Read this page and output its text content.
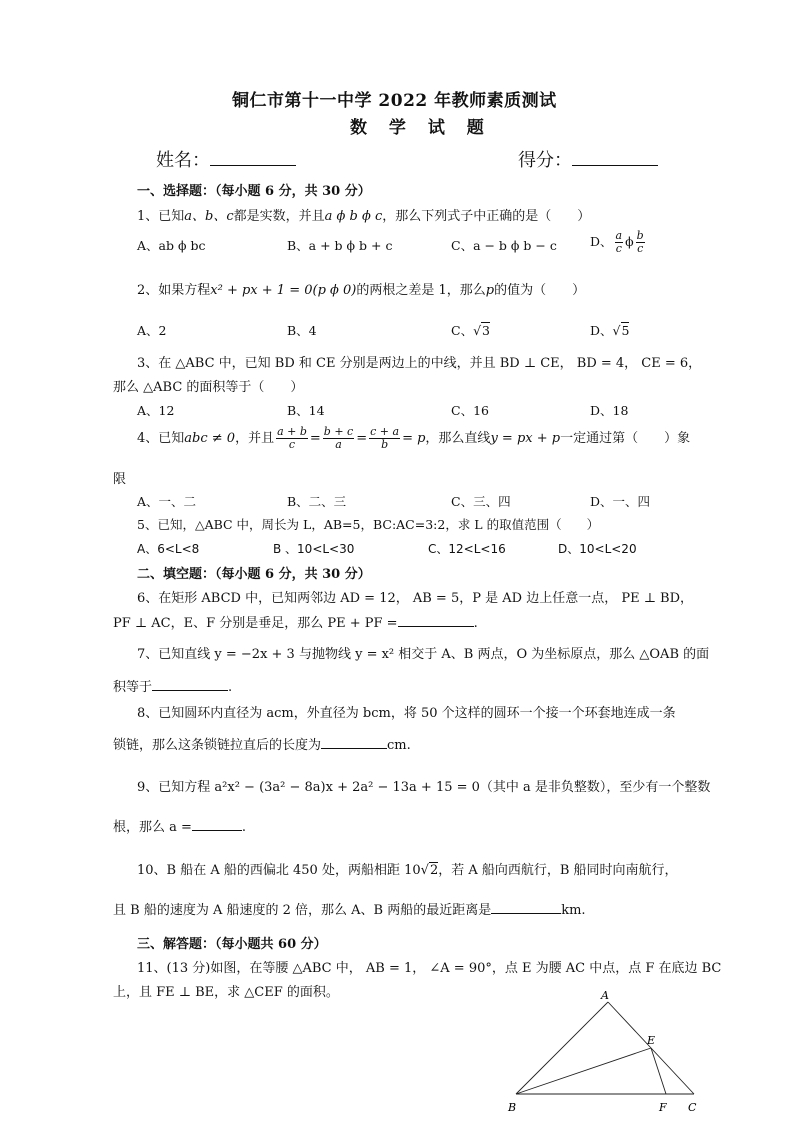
铜仁市第十一中学 2022 年教师素质测试
数 学 试 题
姓名：	得分：
一、选择题：（每小题 6 分，共 30 分）
1、已知a、b、c都是实数，并且a ϕ b ϕ c，那么下列式子中正确的是（　　）
A、ab ϕ bc	B、a + b ϕ b + c	C、a − b ϕ b − c	D、 $\frac{a}{c}$ ϕ $\frac{b}{c}$
2、如果方程x² + px + 1 = 0(p ϕ 0)的两根之差是 1，那么p的值为（　　）
A、2	B、4	C、√3	D、√5
3、在 △ABC 中，已知 BD 和 CE 分别是两边上的中线，并且 BD ⊥ CE， BD = 4， CE = 6，
那么 △ABC 的面积等于（　　）
A、12	B、14	C、16	D、18
4、已知abc ≠ 0，并且 $\frac{a + b}{c} = \frac{b + c}{a} = \frac{c + a}{b} = p$，那么直线y = px + p一定通过第（　　）象
限
A、一、二	B、二、三	C、三、四	D、一、四
5、已知，△ABC 中，周长为 L，AB=5，BC:AC=3:2，求 L 的取值范围（　　）
A、6<L<8	B 、10<L<30	C、12<L<16	D、10<L<20
二、填空题：（每小题 6 分，共 30 分）
6、在矩形 ABCD 中，已知两邻边 AD = 12， AB = 5，P 是 AD 边上任意一点， PE ⊥ BD，
PF ⊥ AC，E、F 分别是垂足，那么 PE + PF =	.
7、已知直线 y = −2x + 3 与抛物线 y = x² 相交于 A、B 两点，O 为坐标原点，那么 △OAB 的面
积等于	.
8、已知圆环内直径为 acm，外直径为 bcm，将 50 个这样的圆环一个接一个环套地连成一条
锁链，那么这条锁链拉直后的长度为	cm.
9、已知方程 a²x² − (3a² − 8a)x + 2a² − 13a + 15 = 0（其中 a 是非负整数），至少有一个整数
根，那么 a =	.
10、B 船在 A 船的西偏北 450 处，两船相距 10√2，若 A 船向西航行，B 船同时向南航行，
且 B 船的速度为 A 船速度的 2 倍，那么 A、B 两船的最近距离是	km.
三、解答题：（每小题共 60 分）
11、(13 分)如图，在等腰 △ABC 中， AB = 1， ∠A = 90°，点 E 为腰 AC 中点，点 F 在底边 BC
上，且 FE ⊥ BE，求 △CEF 的面积。	A
B	C
E
F
